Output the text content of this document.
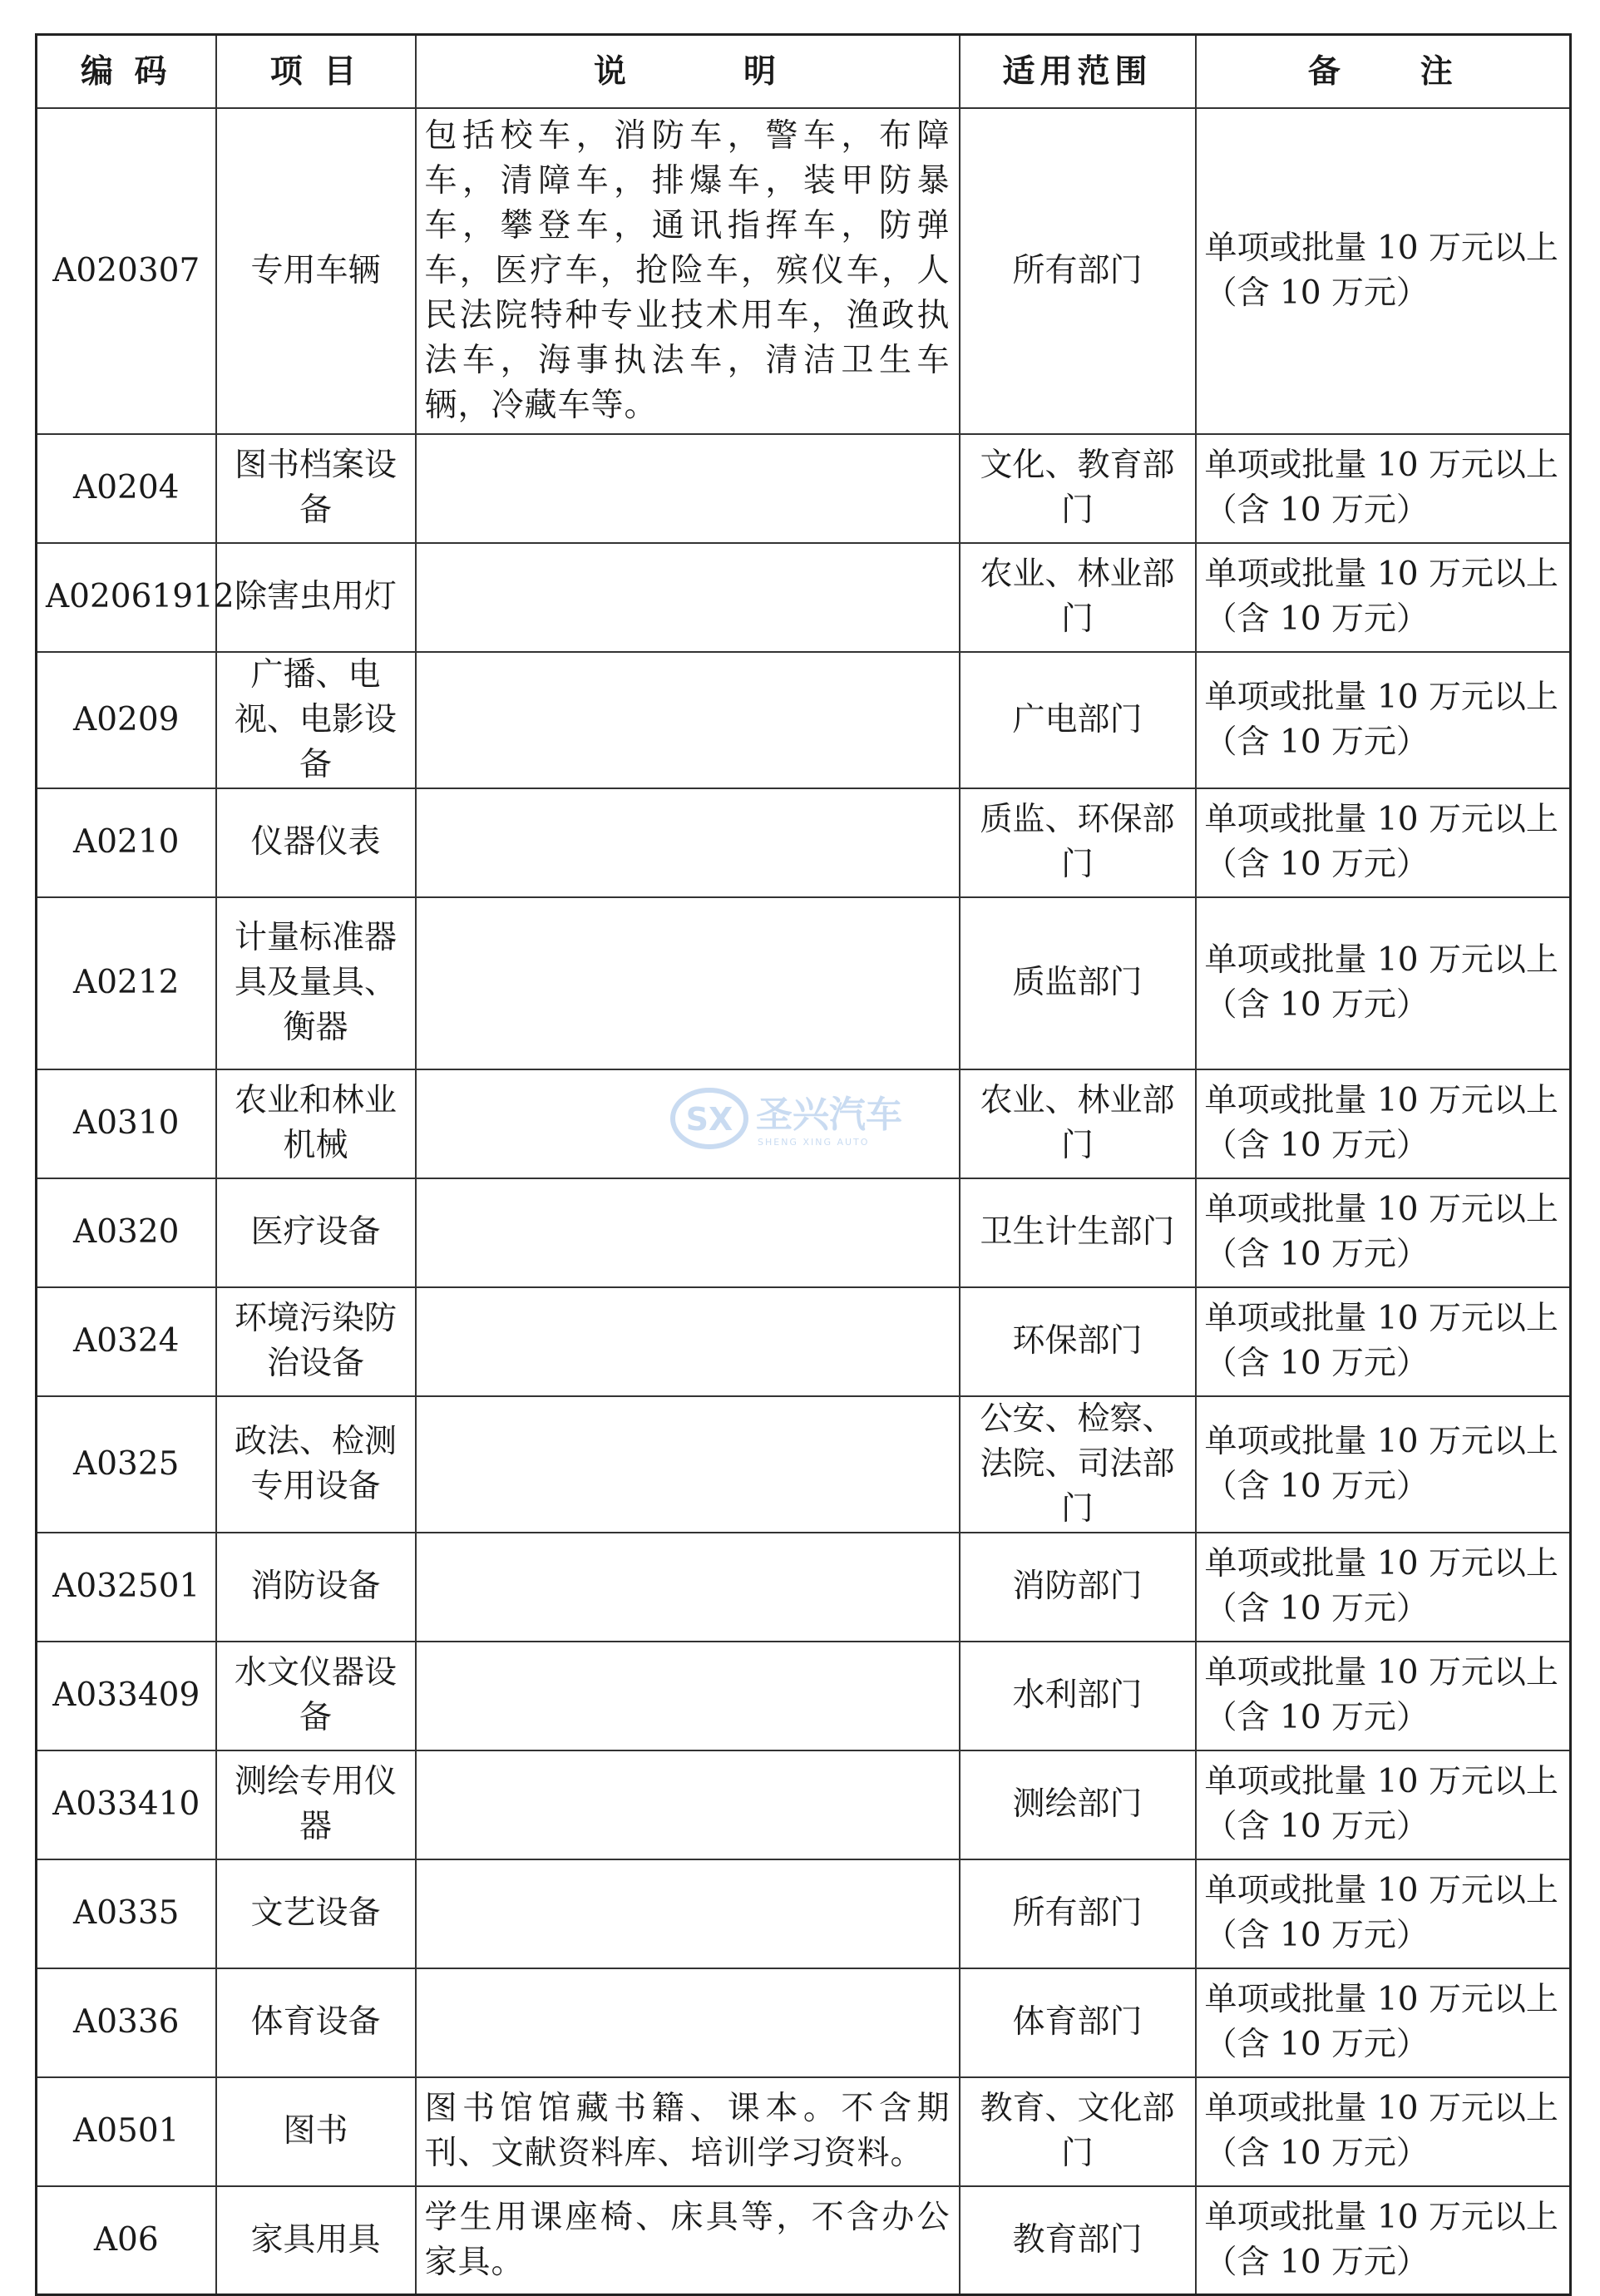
编 码	项 目	说　　　明	适用范围	备　　注
A020307	专用车辆	包括校车，消防车，警车，布障车，清障车，排爆车，装甲防暴车，攀登车，通讯指挥车，防弹车，医疗车，抢险车，殡仪车，人民法院特种专业技术用车，渔政执法车，海事执法车，清洁卫生车辆，冷藏车等。	所有部门	单项或批量 10 万元以上（含 10 万元）
A0204	图书档案设备		文化、教育部门	单项或批量 10 万元以上（含 10 万元）
A02061912	除害虫用灯		农业、林业部门	单项或批量 10 万元以上（含 10 万元）
A0209	广播、电视、电影设备		广电部门	单项或批量 10 万元以上（含 10 万元）
A0210	仪器仪表		质监、环保部门	单项或批量 10 万元以上（含 10 万元）
A0212	计量标准器具及量具、衡器		质监部门	单项或批量 10 万元以上（含 10 万元）
A0310	农业和林业机械		农业、林业部门	单项或批量 10 万元以上（含 10 万元）
A0320	医疗设备		卫生计生部门	单项或批量 10 万元以上（含 10 万元）
A0324	环境污染防治设备		环保部门	单项或批量 10 万元以上（含 10 万元）
A0325	政法、检测专用设备		公安、检察、法院、司法部门	单项或批量 10 万元以上（含 10 万元）
A032501	消防设备		消防部门	单项或批量 10 万元以上（含 10 万元）
A033409	水文仪器设备		水利部门	单项或批量 10 万元以上（含 10 万元）
A033410	测绘专用仪器		测绘部门	单项或批量 10 万元以上（含 10 万元）
A0335	文艺设备		所有部门	单项或批量 10 万元以上（含 10 万元）
A0336	体育设备		体育部门	单项或批量 10 万元以上（含 10 万元）
A0501	图书	图书馆馆藏书籍、课本。不含期刊、文献资料库、培训学习资料。	教育、文化部门	单项或批量 10 万元以上（含 10 万元）
A06	家具用具	学生用课座椅、床具等，不含办公家具。	教育部门	单项或批量 10 万元以上（含 10 万元）
SX 圣兴汽车
SHENG XING AUTO
